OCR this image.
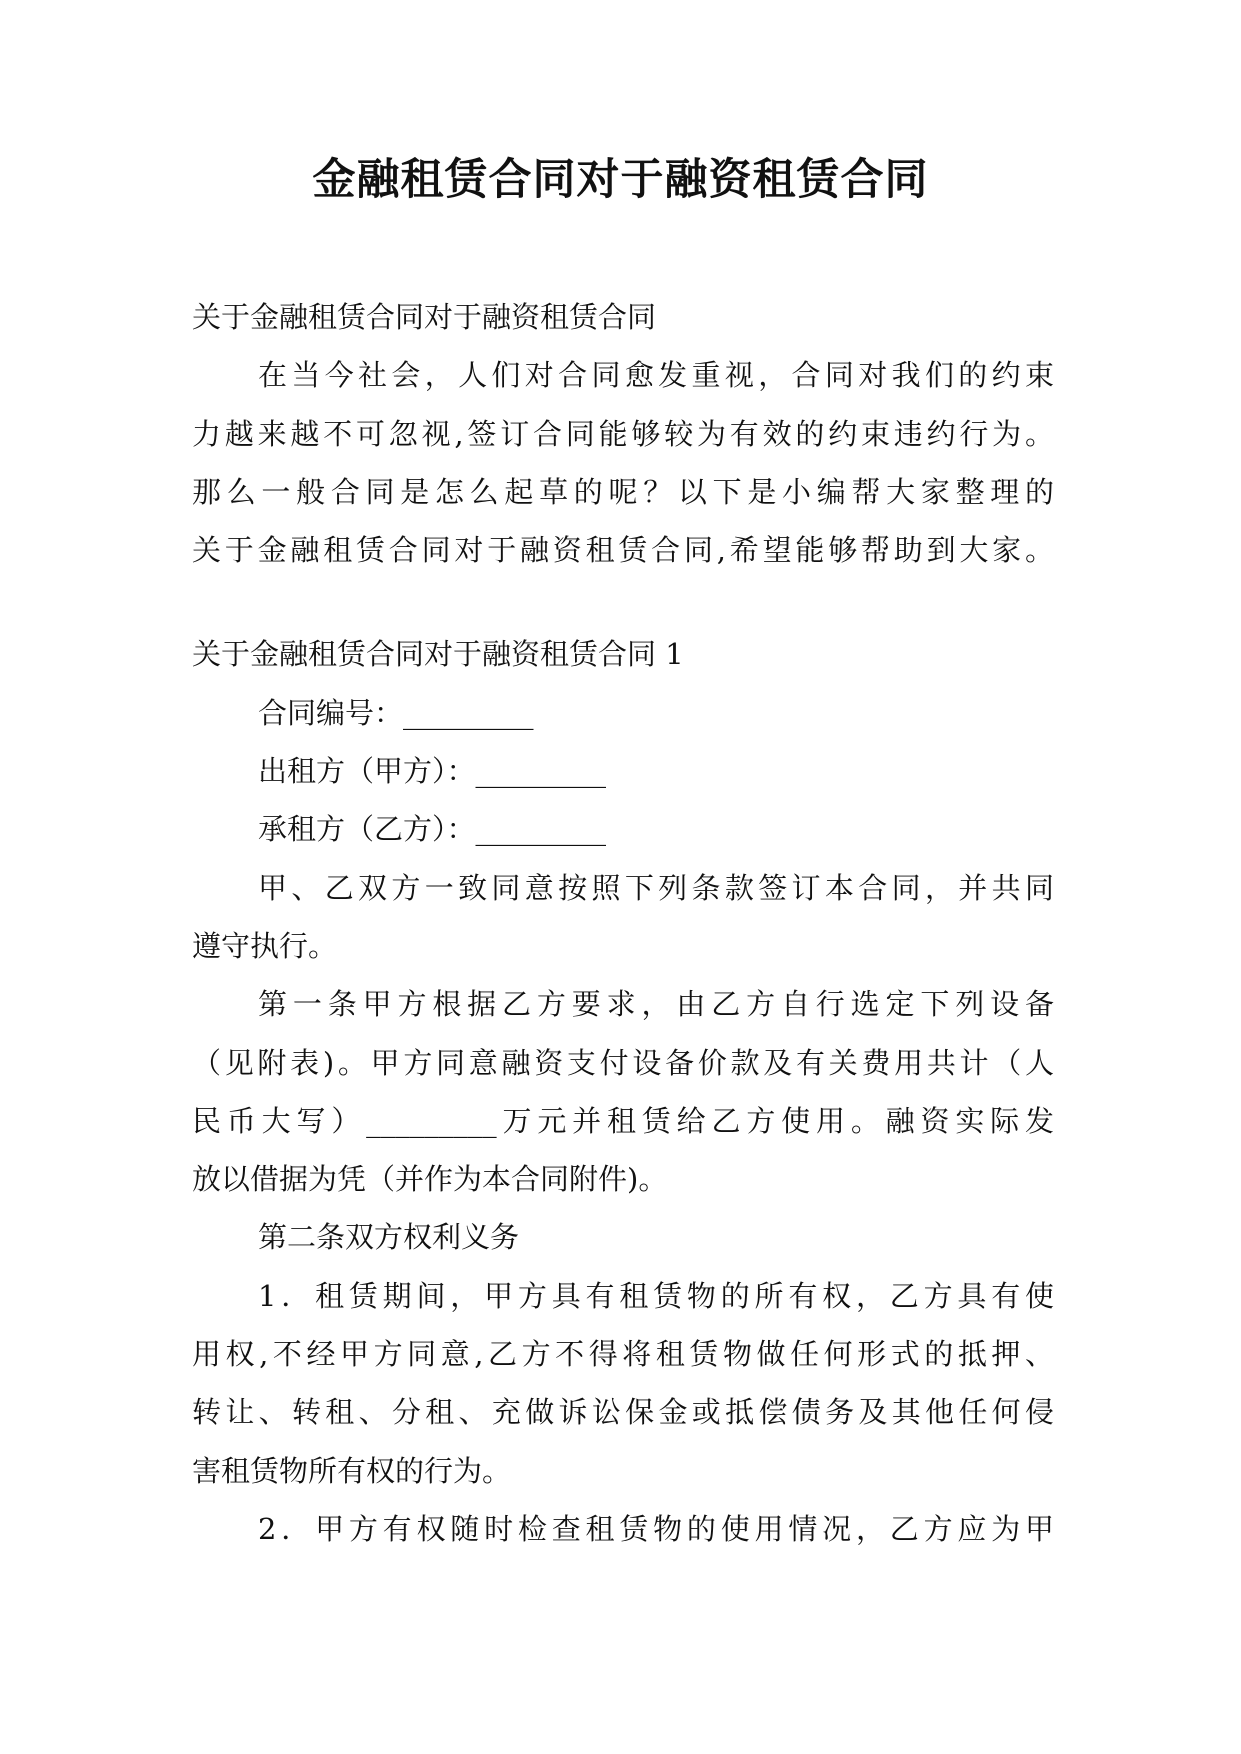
金融租赁合同对于融资租赁合同

关于金融租赁合同对于融资租赁合同

在当今社会，人们对合同愈发重视，合同对我们的约束

力越来越不可忽视,签订合同能够较为有效的约束违约行为。

那么一般合同是怎么起草的呢？以下是小编帮大家整理的

关于金融租赁合同对于融资租赁合同,希望能够帮助到大家。

关于金融租赁合同对于融资租赁合同 1

合同编号：_________

出租方（甲方）：_________

承租方（乙方）：_________

甲、乙双方一致同意按照下列条款签订本合同，并共同

遵守执行。

第一条甲方根据乙方要求，由乙方自行选定下列设备

（见附表)。甲方同意融资支付设备价款及有关费用共计（人

民币大写）_________万元并租赁给乙方使用。融资实际发

放以借据为凭（并作为本合同附件)。

第二条双方权利义务

1．租赁期间，甲方具有租赁物的所有权，乙方具有使

用权,不经甲方同意,乙方不得将租赁物做任何形式的抵押、

转让、转租、分租、充做诉讼保金或抵偿债务及其他任何侵

害租赁物所有权的行为。

2．甲方有权随时检查租赁物的使用情况，乙方应为甲
